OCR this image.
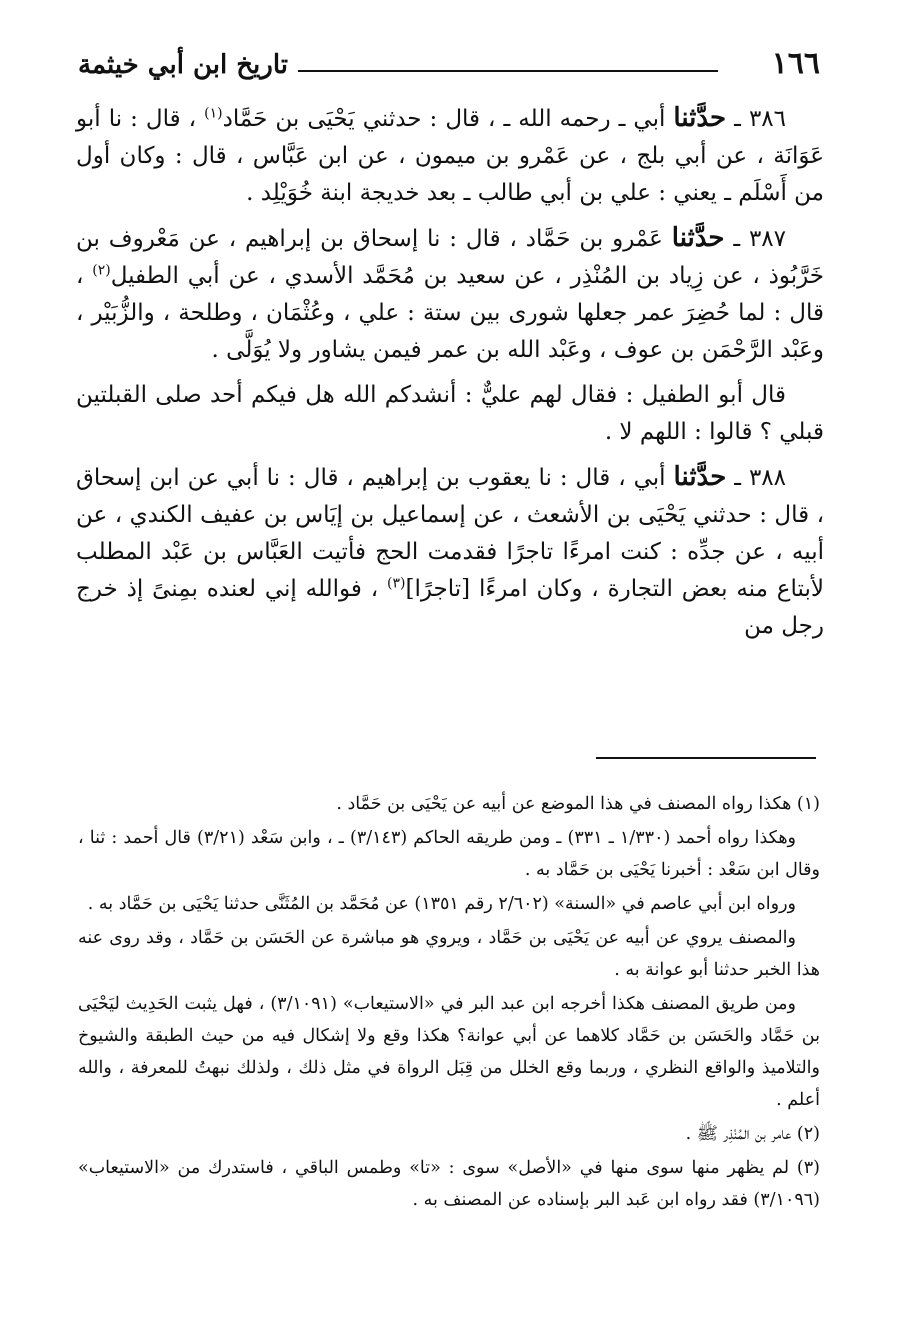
١٦٦
تاريخ ابن أبي خيثمة

٣٨٦ ـ حدَّثنا أبي ـ رحمه الله ـ ، قال : حدثني يَحْيَى بن حَمَّاد$^{(١)}$ ، قال : نا أبو عَوَانَة ، عن أبي بلج ، عن عَمْرو بن ميمون ، عن ابن عَبَّاس ، قال : وكان أول من أَسْلَم ـ يعني : علي بن أبي طالب ـ بعد خديجة ابنة خُوَيْلِد .

٣٨٧ ـ حدَّثنا عَمْرو بن حَمَّاد ، قال : نا إسحاق بن إبراهيم ، عن مَعْروف بن خَرَّبُوذ ، عن زِياد بن المُنْذِر ، عن سعيد بن مُحَمَّد الأسدي ، عن أبي الطفيل$^{(٢)}$ ، قال : لما حُضِرَ عمر جعلها شورى بين ستة : علي ، وعُثْمَان ، وطلحة ، والزُّبَيْر ، وعَبْد الرَّحْمَن بن عوف ، وعَبْد الله بن عمر فيمن يشاور ولا يُوَلَّى .

قال أبو الطفيل : فقال لهم عليٌّ : أنشدكم الله هل فيكم أحد صلى القبلتين قبلي ؟ قالوا : اللهم لا .

٣٨٨ ـ حدَّثنا أبي ، قال : نا يعقوب بن إبراهيم ، قال : نا أبي عن ابن إسحاق ، قال : حدثني يَحْيَى بن الأشعث ، عن إسماعيل بن إيَاس بن عفيف الكندي ، عن أبيه ، عن جدِّه : كنت امرءًا تاجرًا فقدمت الحج فأتيت العَبَّاس بن عَبْد المطلب لأبتاع منه بعض التجارة ، وكان امرءًا [تاجرًا]$^{(٣)}$ ، فوالله إني لعنده بمِنىً إذ خرج رجل من

(١) هكذا رواه المصنف في هذا الموضع عن أبيه عن يَحْيَى بن حَمَّاد .

وهكذا رواه أحمد (١/٣٣٠ ـ ٣٣١) ـ ومن طريقه الحاكم (٣/١٤٣) ـ ، وابن سَعْد (٣/٢١) قال أحمد : ثنا ، وقال ابن سَعْد : أخبرنا يَحْيَى بن حَمَّاد به .

ورواه ابن أبي عاصم في «السنة» (٢/٦٠٢ رقم ١٣٥١) عن مُحَمَّد بن المُثَنَّى حدثنا يَحْيَى بن حَمَّاد به .

والمصنف يروي عن أبيه عن يَحْيَى بن حَمَّاد ، ويروي هو مباشرة عن الحَسَن بن حَمَّاد ، وقد روى عنه هذا الخبر حدثنا أبو عوانة به .

ومن طريق المصنف هكذا أخرجه ابن عبد البر في «الاستيعاب» (٣/١٠٩١) ، فهل يثبت الحَدِيث ليَحْيَى بن حَمَّاد والحَسَن بن حَمَّاد كلاهما عن أبي عوانة؟ هكذا وقع ولا إشكال فيه من حيث الطبقة والشيوخ والتلاميذ والواقع النظري ، وربما وقع الخلل من قِبَل الرواة في مثل ذلك ، ولذلك نبهتُ للمعرفة ، والله أعلم .

(٢) عامر بن المُنْذِر ﷺ .

(٣) لم يظهر منها سوى منها في «الأصل» سوى : «تا» وطمس الباقي ، فاستدرك من «الاستيعاب» (٣/١٠٩٦) فقد رواه ابن عَبد البر بإسناده عن المصنف به .
